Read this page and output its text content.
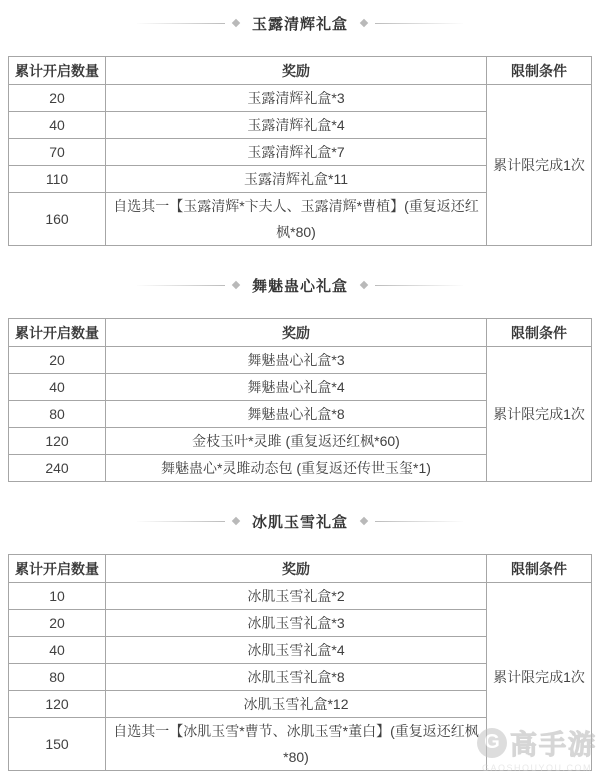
玉露清辉礼盒
累计开启数量	奖励	限制条件
20	玉露清辉礼盒*3	累计限完成1次
40	玉露清辉礼盒*4	
70	玉露清辉礼盒*7	
110	玉露清辉礼盒*11	
160	自选其一【玉露清辉*卞夫人、玉露清辉*曹植】(重复返还红枫*80)	
舞魅蛊心礼盒
累计开启数量	奖励	限制条件
20	舞魅蛊心礼盒*3	累计限完成1次
40	舞魅蛊心礼盒*4	
80	舞魅蛊心礼盒*8	
120	金枝玉叶*灵雎 (重复返还红枫*60)	
240	舞魅蛊心*灵雎动态包 (重复返还传世玉玺*1)	
冰肌玉雪礼盒
累计开启数量	奖励	限制条件
10	冰肌玉雪礼盒*2	累计限完成1次
20	冰肌玉雪礼盒*3	
40	冰肌玉雪礼盒*4	
80	冰肌玉雪礼盒*8	
120	冰肌玉雪礼盒*12	
150	自选其一【冰肌玉雪*曹节、冰肌玉雪*董白】(重复返还红枫*80)	
G 高手游
GAOSHOUYOU.COM
